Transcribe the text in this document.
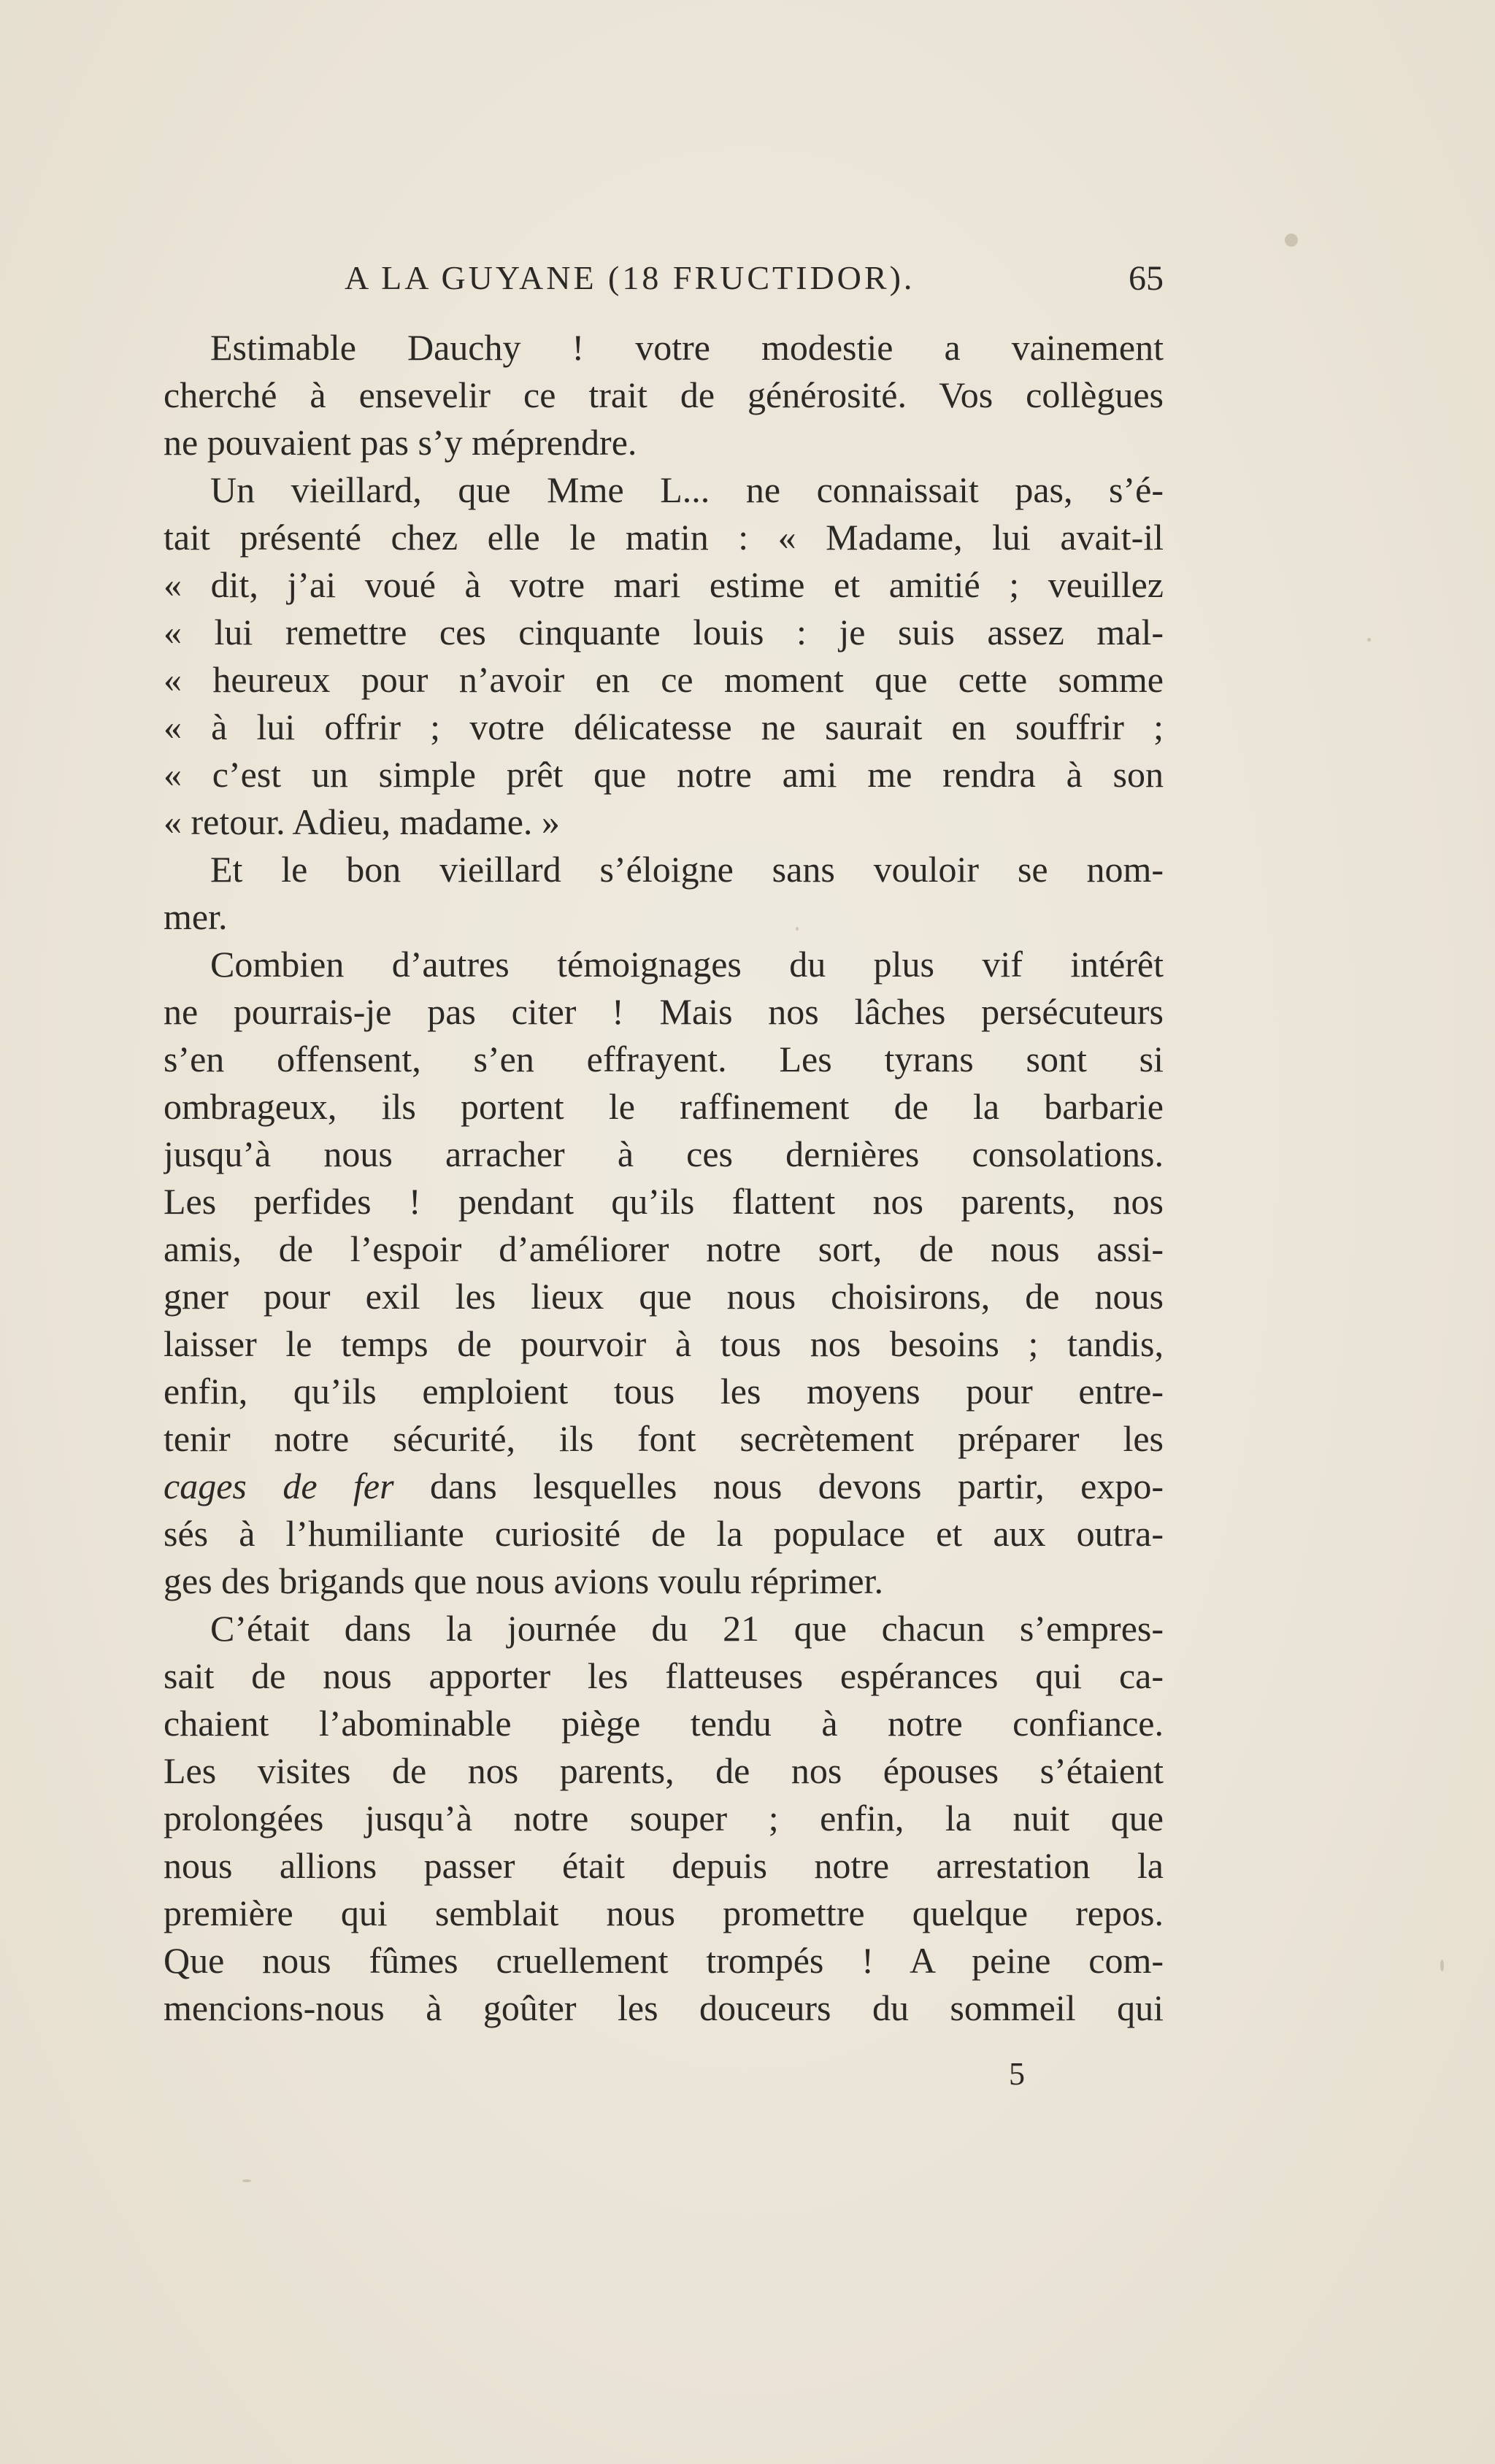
A LA GUYANE (18 FRUCTIDOR).	65
Estimable Dauchy ! votre modestie a vainement
cherché à ensevelir ce trait de générosité. Vos collègues
ne pouvaient pas s’y méprendre.
Un vieillard, que Mme L... ne connaissait pas, s’é-
tait présenté chez elle le matin : « Madame, lui avait-il
« dit, j’ai voué à votre mari estime et amitié ; veuillez
« lui remettre ces cinquante louis : je suis assez mal-
« heureux pour n’avoir en ce moment que cette somme
« à lui offrir ; votre délicatesse ne saurait en souffrir ;
« c’est un simple prêt que notre ami me rendra à son
« retour. Adieu, madame. »
Et le bon vieillard s’éloigne sans vouloir se nom-
mer.
Combien d’autres témoignages du plus vif intérêt
ne pourrais-je pas citer ! Mais nos lâches persécuteurs
s’en offensent, s’en effrayent. Les tyrans sont si
ombrageux, ils portent le raffinement de la barbarie
jusqu’à nous arracher à ces dernières consolations.
Les perfides ! pendant qu’ils flattent nos parents, nos
amis, de l’espoir d’améliorer notre sort, de nous assi-
gner pour exil les lieux que nous choisirons, de nous
laisser le temps de pourvoir à tous nos besoins ; tandis,
enfin, qu’ils emploient tous les moyens pour entre-
tenir notre sécurité, ils font secrètement préparer les
cages de fer dans lesquelles nous devons partir, expo-
sés à l’humiliante curiosité de la populace et aux outra-
ges des brigands que nous avions voulu réprimer.
C’était dans la journée du 21 que chacun s’empres-
sait de nous apporter les flatteuses espérances qui ca-
chaient l’abominable piège tendu à notre confiance.
Les visites de nos parents, de nos épouses s’étaient
prolongées jusqu’à notre souper ; enfin, la nuit que
nous allions passer était depuis notre arrestation la
première qui semblait nous promettre quelque repos.
Que nous fûmes cruellement trompés ! A peine com-
mencions-nous à goûter les douceurs du sommeil qui
5
